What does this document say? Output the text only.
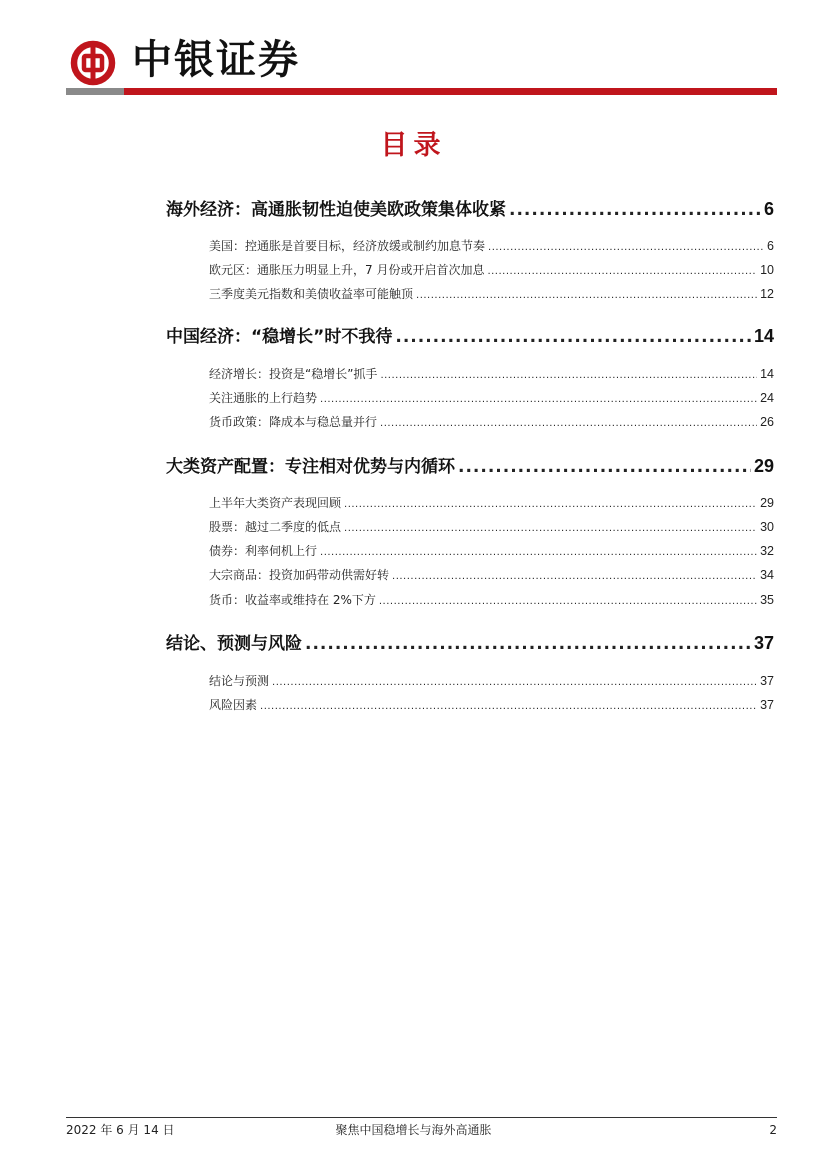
中银证券
目录
海外经济：高通胀韧性迫使美欧政策集体收紧 .....	6
美国：控通胀是首要目标，经济放缓或制约加息节奏 .....	6
欧元区：通胀压力明显上升，7 月份或开启首次加息 .....	10
三季度美元指数和美债收益率可能触顶 .....	12
中国经济：“稳增长”时不我待 .....	14
经济增长：投资是“稳增长”抓手 .....	14
关注通胀的上行趋势 .....	24
货币政策：降成本与稳总量并行 .....	26
大类资产配置：专注相对优势与内循环 .....	29
上半年大类资产表现回顾 .....	29
股票：越过二季度的低点 .....	30
债券：利率伺机上行 .....	32
大宗商品：投资加码带动供需好转 .....	34
货币：收益率或维持在 2%下方 .....	35
结论、预测与风险 .....	37
结论与预测 .....	37
风险因素 .....	37
2022 年 6 月 14 日	聚焦中国稳增长与海外高通胀	2
